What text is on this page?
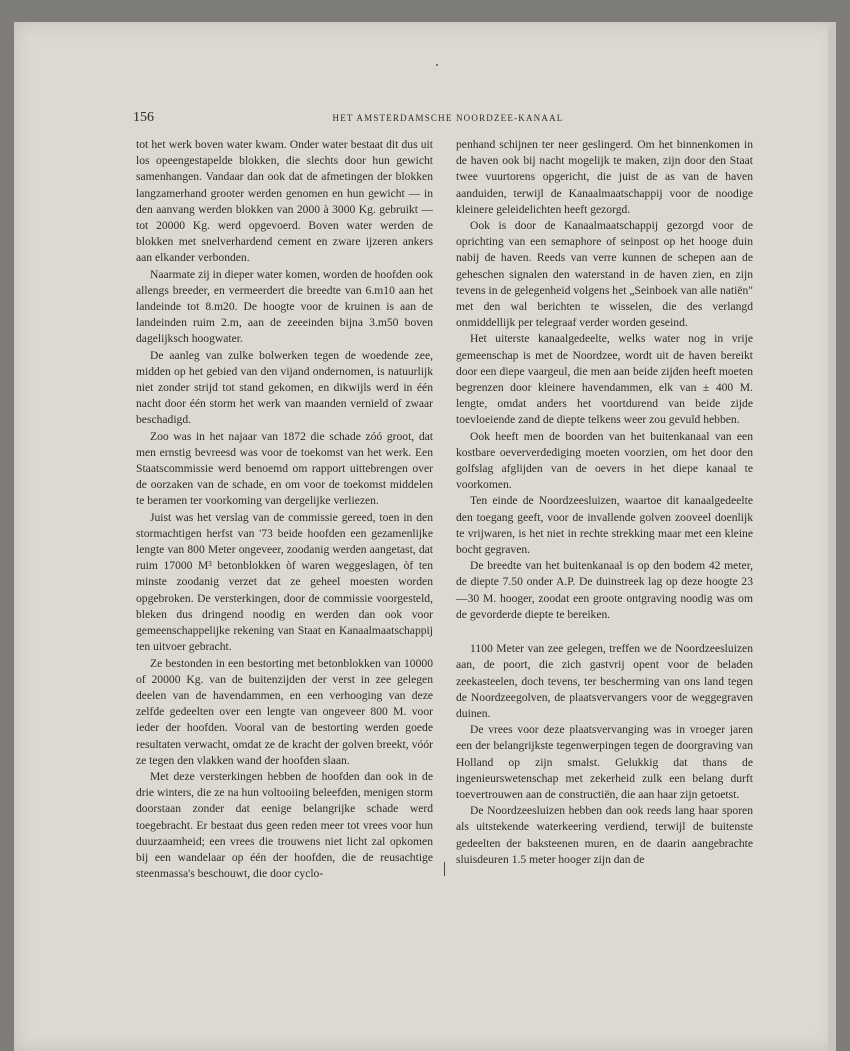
156	HET AMSTERDAMSCHE NOORDZEE-KANAAL

tot het werk boven water kwam. Onder water bestaat dit dus uit los opeengestapelde blokken, die slechts door hun gewicht samenhangen. Vandaar dan ook dat de afmetingen der blokken langzamerhand grooter werden genomen en hun gewicht — in den aanvang werden blokken van 2000 à 3000 Kg. gebruikt — tot 20000 Kg. werd opgevoerd. Boven water werden de blokken met snelverhardend cement en zware ijzeren ankers aan elkander verbonden.

Naarmate zij in dieper water komen, worden de hoofden ook allengs breeder, en vermeerdert die breedte van 6.m10 aan het landeinde tot 8.m20. De hoogte voor de kruinen is aan de landeinden ruim 2.m, aan de zeeeinden bijna 3.m50 boven dagelijksch hoogwater.

De aanleg van zulke bolwerken tegen de woedende zee, midden op het gebied van den vijand ondernomen, is natuurlijk niet zonder strijd tot stand gekomen, en dikwijls werd in één nacht door één storm het werk van maanden vernield of zwaar beschadigd.

Zoo was in het najaar van 1872 die schade zóó groot, dat men ernstig bevreesd was voor de toekomst van het werk. Een Staatscommissie werd benoemd om rapport uittebrengen over de oorzaken van de schade, en om voor de toekomst middelen te beramen ter voorkoming van dergelijke verliezen.

Juist was het verslag van de commissie gereed, toen in den stormachtigen herfst van '73 beide hoofden een gezamenlijke lengte van 800 Meter ongeveer, zoodanig werden aangetast, dat ruim 17000 M³ betonblokken òf waren weggeslagen, òf ten minste zoodanig verzet dat ze geheel moesten worden opgebroken. De versterkingen, door de commissie voorgesteld, bleken dus dringend noodig en werden dan ook voor gemeenschappelijke rekening van Staat en Kanaalmaatschappij ten uitvoer gebracht.

Ze bestonden in een bestorting met betonblokken van 10000 of 20000 Kg. van de buitenzijden der verst in zee gelegen deelen van de havendammen, en een verhooging van deze zelfde gedeelten over een lengte van ongeveer 800 M. voor ieder der hoofden. Vooral van de bestorting werden goede resultaten verwacht, omdat ze de kracht der golven breekt, vóór ze tegen den vlakken wand der hoofden slaan.

Met deze versterkingen hebben de hoofden dan ook in de drie winters, die ze na hun voltooiing beleefden, menigen storm doorstaan zonder dat eenige belangrijke schade werd toegebracht. Er bestaat dus geen reden meer tot vrees voor hun duurzaamheid; een vrees die trouwens niet licht zal opkomen bij een wandelaar op één der hoofden, die de reusachtige steenmassa's beschouwt, die door cyclo-

penhand schijnen ter neer geslingerd. Om het binnenkomen in de haven ook bij nacht mogelijk te maken, zijn door den Staat twee vuurtorens opgericht, die juist de as van de haven aanduiden, terwijl de Kanaalmaatschappij voor de noodige kleinere geleidelichten heeft gezorgd.

Ook is door de Kanaalmaatschappij gezorgd voor de oprichting van een semaphore of seinpost op het hooge duin nabij de haven. Reeds van verre kunnen de schepen aan de geheschen signalen den waterstand in de haven zien, en zijn tevens in de gelegenheid volgens het „Seinboek van alle natiën" met den wal berichten te wisselen, die des verlangd onmiddellijk per telegraaf verder worden geseind.

Het uiterste kanaalgedeelte, welks water nog in vrije gemeenschap is met de Noordzee, wordt uit de haven bereikt door een diepe vaargeul, die men aan beide zijden heeft moeten begrenzen door kleinere havendammen, elk van ± 400 M. lengte, omdat anders het voortdurend van beide zijde toevloeiende zand de diepte telkens weer zou gevuld hebben.

Ook heeft men de boorden van het buitenkanaal van een kostbare oeververdediging moeten voorzien, om het door den golfslag afglijden van de oevers in het diepe kanaal te voorkomen.

Ten einde de Noordzeesluizen, waartoe dit kanaalgedeelte den toegang geeft, voor de invallende golven zooveel doenlijk te vrijwaren, is het niet in rechte strekking maar met een kleine bocht gegraven.

De breedte van het buitenkanaal is op den bodem 42 meter, de diepte 7.50 onder A.P. De duinstreek lag op deze hoogte 23—30 M. hooger, zoodat een groote ontgraving noodig was om de gevorderde diepte te bereiken.

1100 Meter van zee gelegen, treffen we de Noordzeesluizen aan, de poort, die zich gastvrij opent voor de beladen zeekasteelen, doch tevens, ter bescherming van ons land tegen de Noordzeegolven, de plaatsvervangers voor de weggegraven duinen.

De vrees voor deze plaatsvervanging was in vroeger jaren een der belangrijkste tegenwerpingen tegen de doorgraving van Holland op zijn smalst. Gelukkig dat thans de ingenieurswetenschap met zekerheid zulk een belang durft toevertrouwen aan de constructiën, die aan haar zijn getoetst.

De Noordzeesluizen hebben dan ook reeds lang haar sporen als uitstekende waterkeering verdiend, terwijl de buitenste gedeelten der baksteenen muren, en de daarin aangebrachte sluisdeuren 1.5 meter hooger zijn dan de
